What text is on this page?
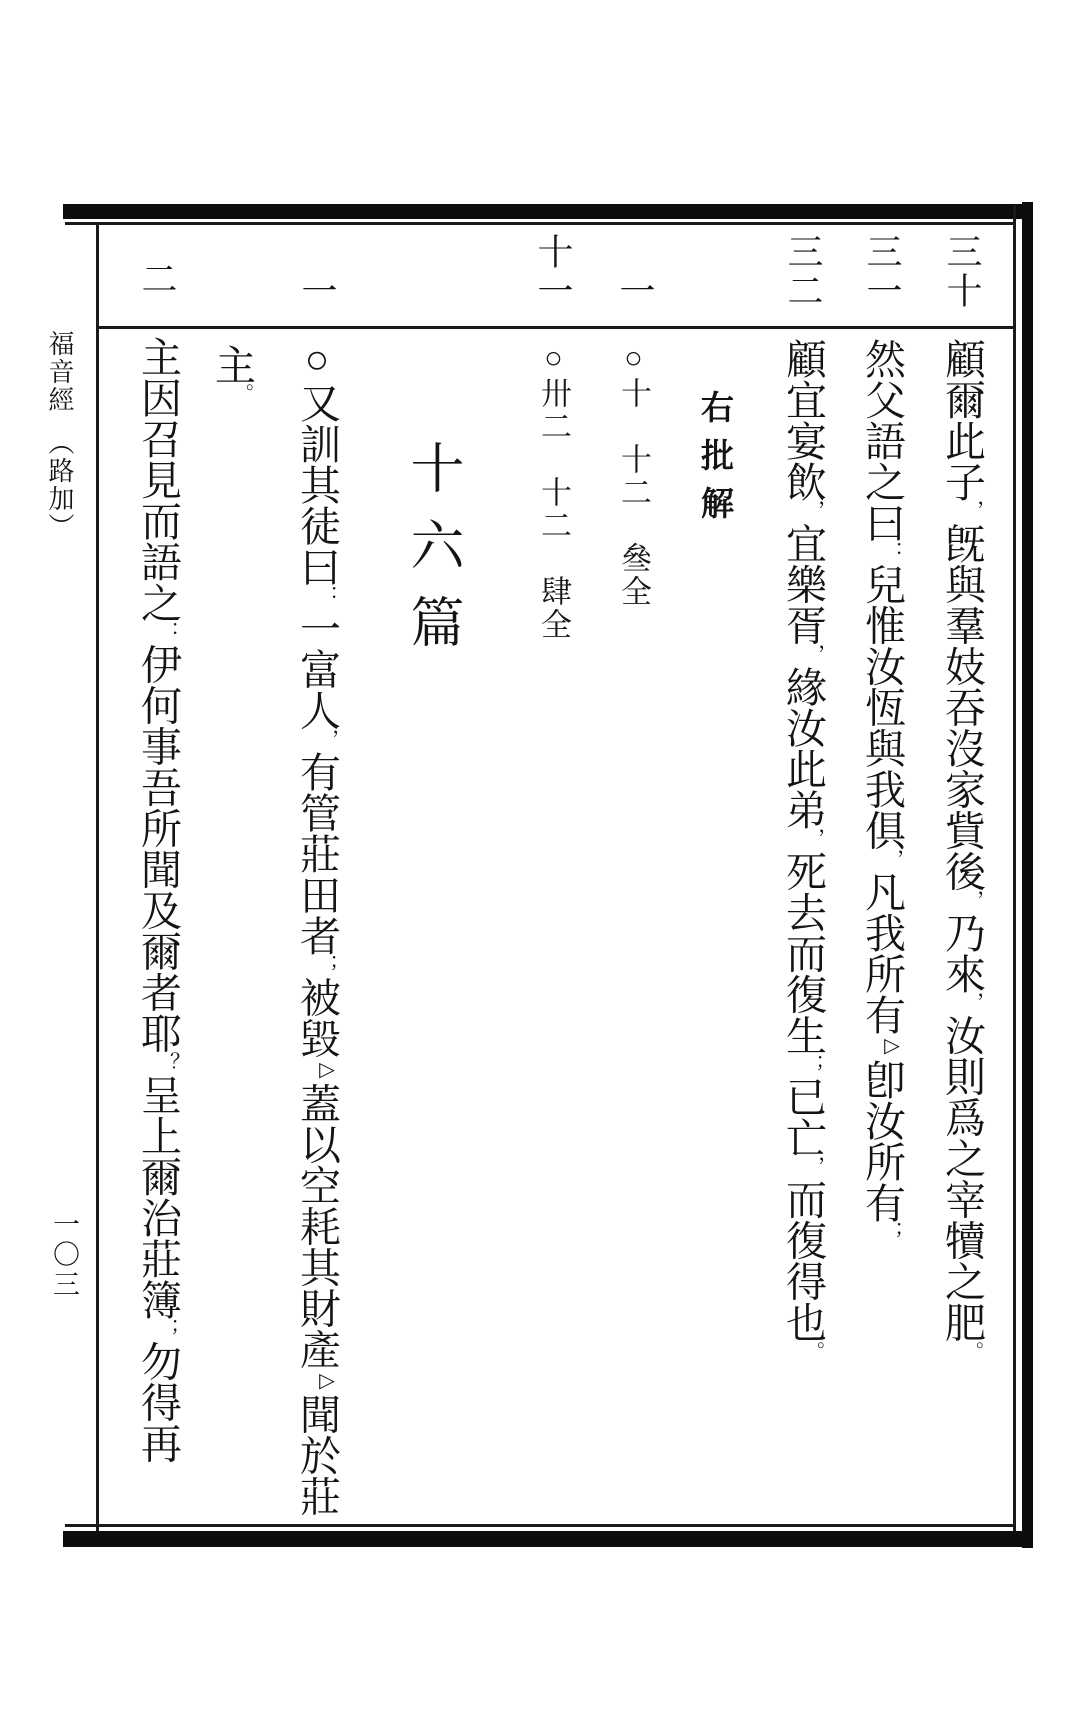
三十
顧爾此子，旣與羣妓吞沒家貲後，乃來，汝則爲之宰犢之肥。
三一
然父語之曰：兒惟汝恆與我俱，凡我所有▷卽汝所有；
三二
顧宜宴飲，宜樂胥，緣汝此弟，死去而復生；已亡，而復得也。
右批解
一
○十　十二　叄全
十一
○卅二　十二　肆全
十六篇
一
○又訓其徒曰：一富人，有管莊田者；被毀▷蓋以空耗其財產▷聞於莊
主。
二
主因召見而語之：伊何事吾所聞及爾者耶？呈上爾治莊簿；勿得再
福音經　（路加）
一〇三
